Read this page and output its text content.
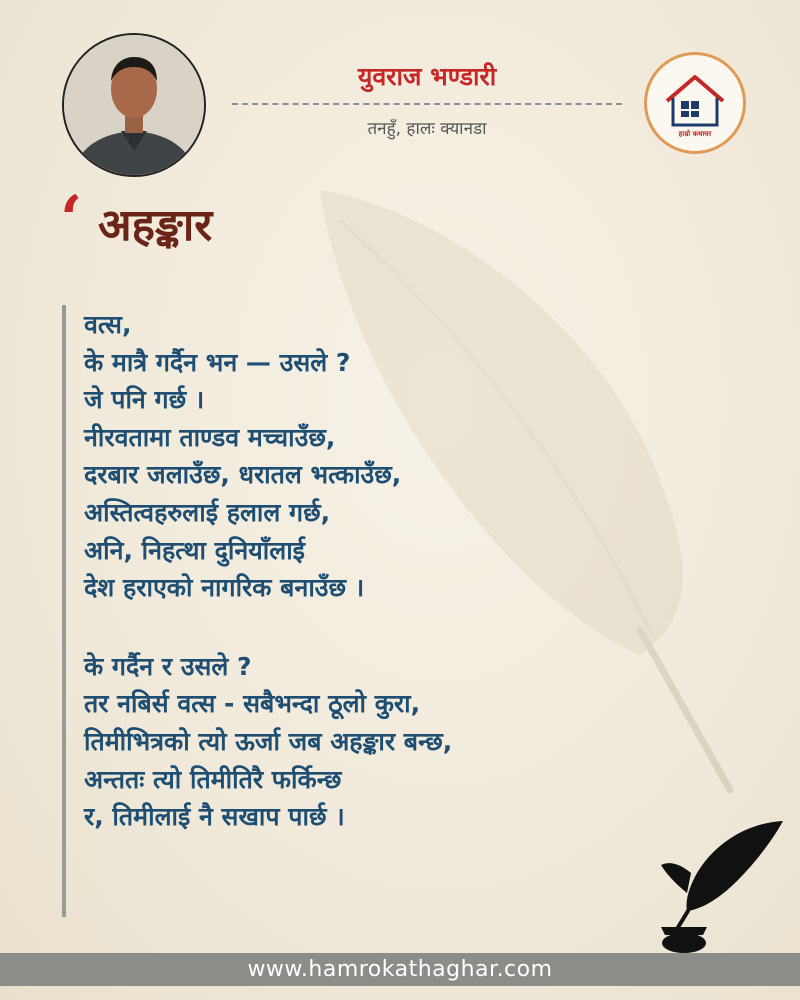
युवराज भण्डारी
तनहुँ, हालः क्यानडा	हाम्रो कथाघर
‘ अहङ्कार
वत्स,
के मात्रै गर्दैन भन — उसले ?
जे पनि गर्छ ।
नीरवतामा ताण्डव मच्चाउँछ,
दरबार जलाउँछ, धरातल भत्काउँछ,
अस्तित्वहरुलाई हलाल गर्छ,
अनि, निहत्था दुनियाँलाई
देश हराएको नागरिक बनाउँछ ।
के गर्दैन र उसले ?
तर नबिर्स वत्स - सबैभन्दा ठूलो कुरा,
तिमीभित्रको त्यो ऊर्जा जब अहङ्कार बन्छ,
अन्ततः त्यो तिमीतिरै फर्किन्छ
र, तिमीलाई नै सखाप पार्छ ।
www.hamrokathaghar.com
